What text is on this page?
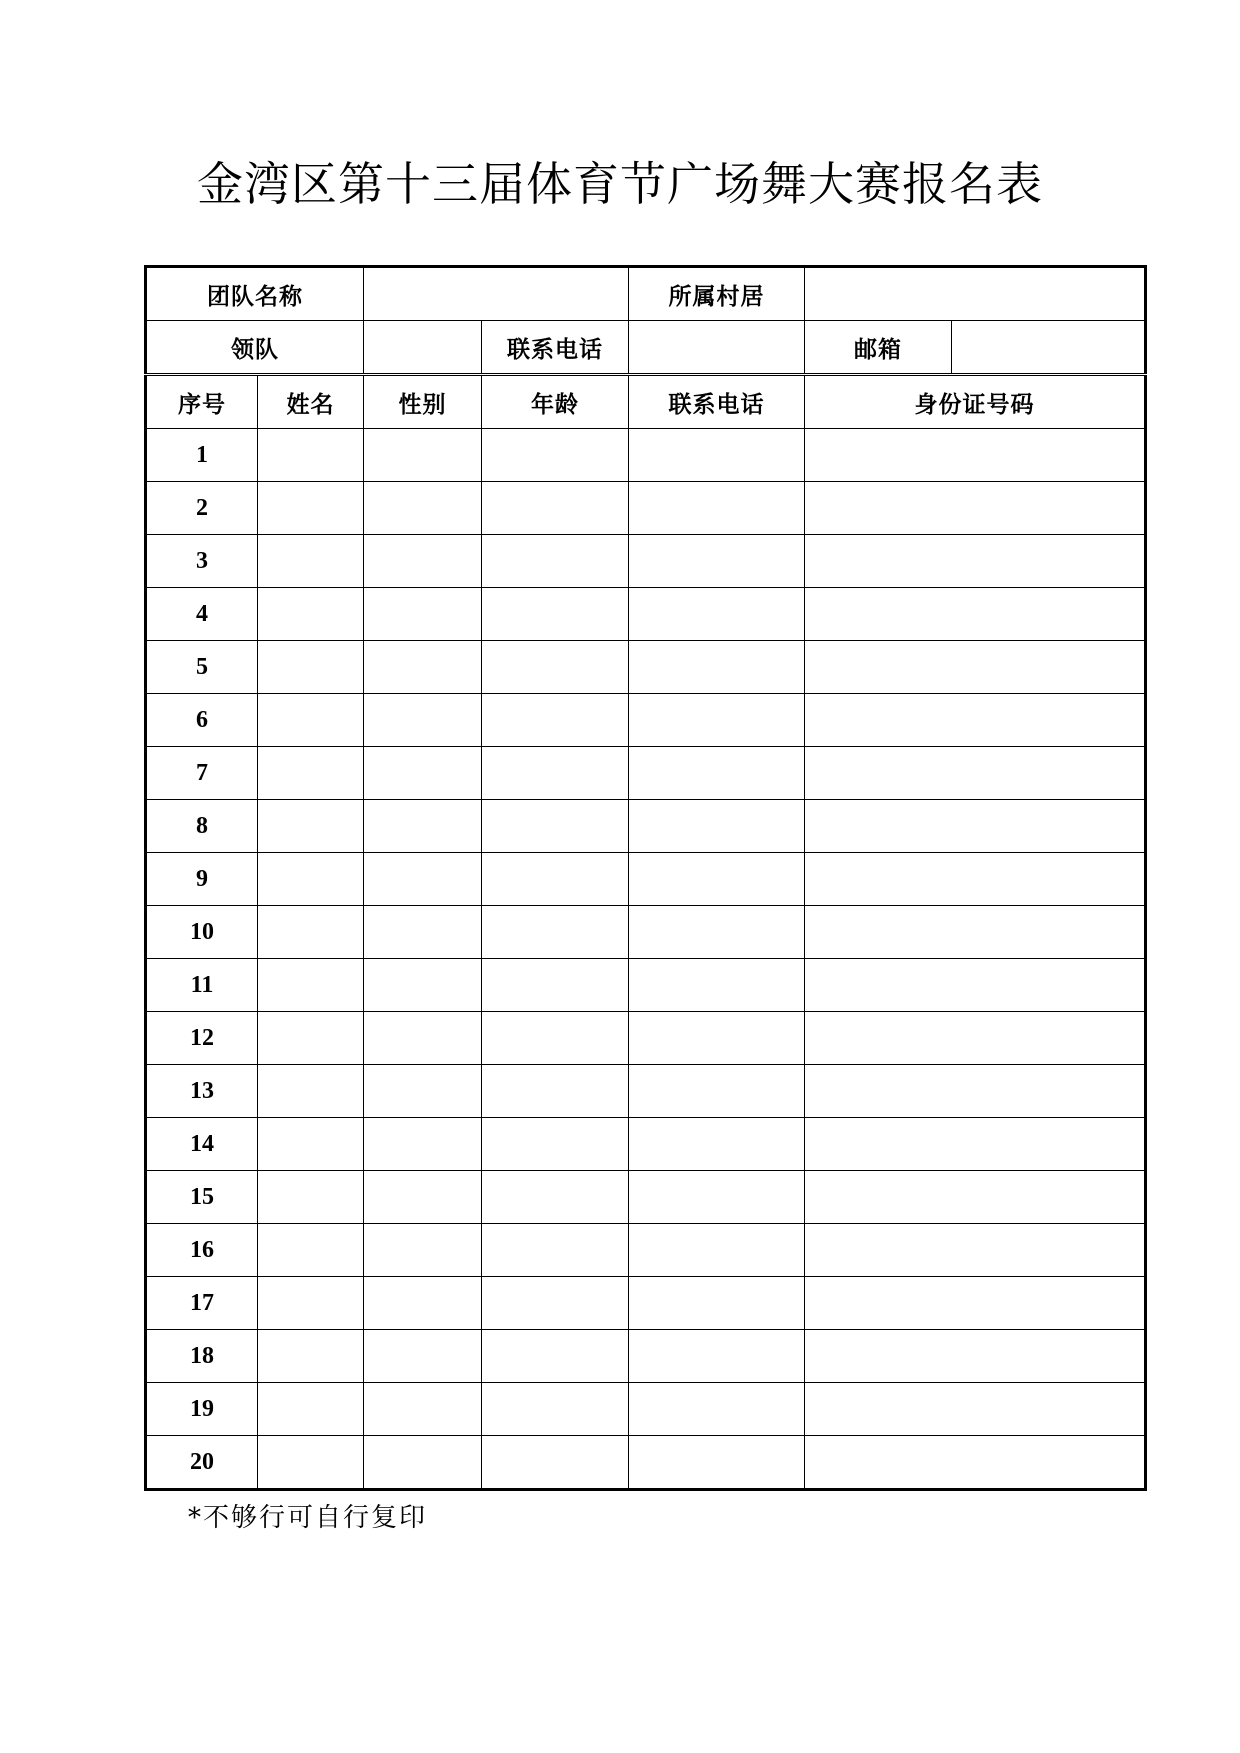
金湾区第十三届体育节广场舞大赛报名表
团队名称				所属村居		
领队			联系电话		邮箱	
序号	姓名	性别	年龄	联系电话	身份证号码	
1						
2						
3						
4						
5						
6						
7						
8						
9						
10						
11						
12						
13						
14						
15						
16						
17						
18						
19						
20						
*不够行可自行复印
